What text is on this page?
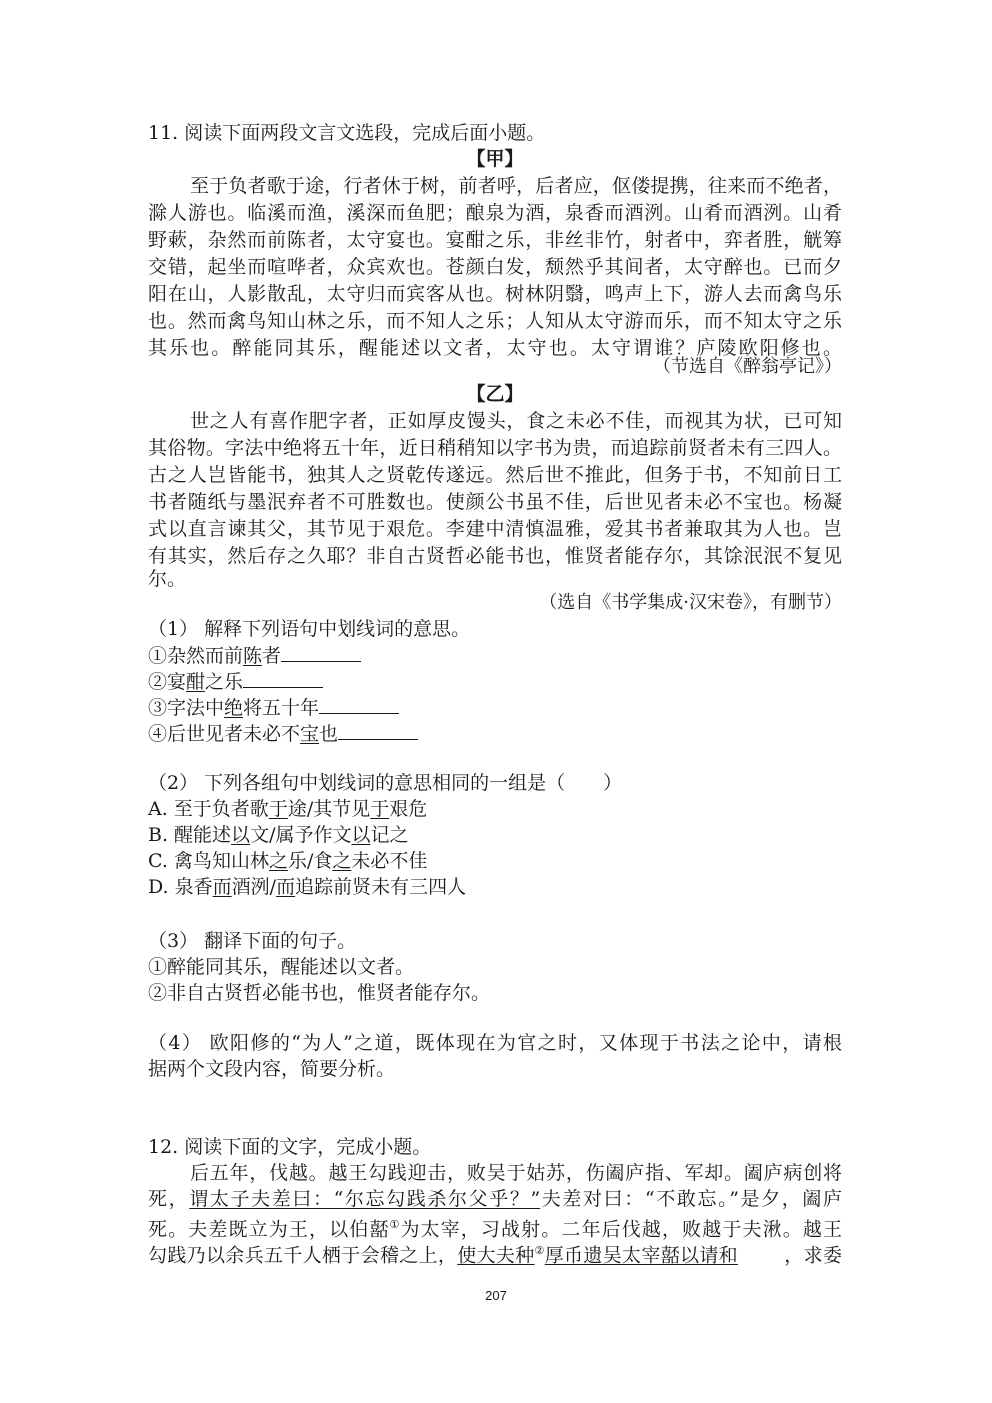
11. 阅读下面两段文言文选段，完成后面小题。
【甲】
至于负者歌于途，行者休于树，前者呼，后者应，伛偻提携，往来而不绝者，
滁人游也。临溪而渔，溪深而鱼肥；酿泉为酒，泉香而酒洌。山肴而酒洌。山肴
野蔌，杂然而前陈者，太守宴也。宴酣之乐，非丝非竹，射者中，弈者胜，觥筹
交错，起坐而喧哗者，众宾欢也。苍颜白发，颓然乎其间者，太守醉也。已而夕
阳在山，人影散乱，太守归而宾客从也。树林阴翳，鸣声上下，游人去而禽鸟乐
也。然而禽鸟知山林之乐，而不知人之乐；人知从太守游而乐，而不知太守之乐
其乐也。醉能同其乐，醒能述以文者，太守也。太守谓谁？庐陵欧阳修也。
（节选自《醉翁亭记》）
【乙】
世之人有喜作肥字者，正如厚皮馒头，食之未必不佳，而视其为状，已可知
其俗物。字法中绝将五十年，近日稍稍知以字书为贵，而追踪前贤者未有三四人。
古之人岂皆能书，独其人之贤乾传遂远。然后世不推此，但务于书，不知前日工
书者随纸与墨泯弃者不可胜数也。使颜公书虽不佳，后世见者未必不宝也。杨凝
式以直言谏其父，其节见于艰危。李建中清慎温雅，爱其书者兼取其为人也。岂
有其实，然后存之久耶？非自古贤哲必能书也，惟贤者能存尔，其馀泯泯不复见
尔。
（选自《书学集成·汉宋卷》，有删节）
（1） 解释下列语句中划线词的意思。
①杂然而前陈者
②宴酣之乐
③字法中绝将五十年
④后世见者未必不宝也
（2） 下列各组句中划线词的意思相同的一组是（　　）
A. 至于负者歌于途/其节见于艰危
B. 醒能述以文/属予作文以记之
C. 禽鸟知山林之乐/食之未必不佳
D. 泉香而酒洌/而追踪前贤未有三四人
（3） 翻译下面的句子。
①醉能同其乐，醒能述以文者。
②非自古贤哲必能书也，惟贤者能存尔。
（4） 欧阳修的“为人”之道，既体现在为官之时，又体现于书法之论中，请根
据两个文段内容，简要分析。
12. 阅读下面的文字，完成小题。
后五年，伐越。越王勾践迎击，败吴于姑苏，伤阖庐指、军却。阖庐病创将
死，谓太子夫差曰：“尔忘勾践杀尔父乎？”夫差对曰：“不敢忘。”是夕，阖庐
死。夫差既立为王，以伯嚭①为太宰，习战射。二年后伐越，败越于夫湫。越王
勾践乃以余兵五千人栖于会稽之上，使大夫种②厚币遗吴太宰嚭以请和 ，求委
207
